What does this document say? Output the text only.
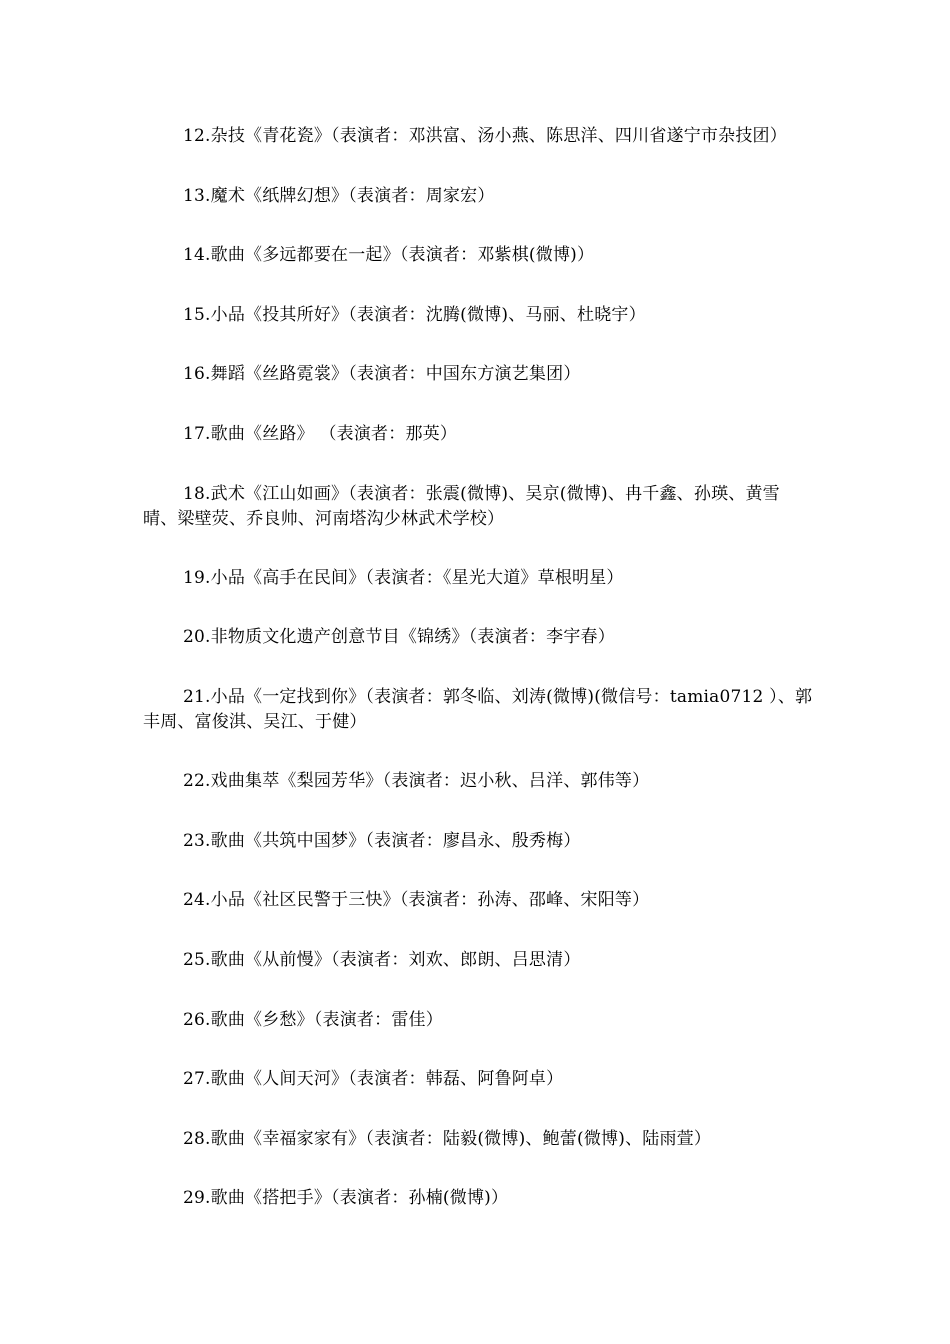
12.杂技《青花瓷》（表演者：邓洪富、汤小燕、陈思洋、四川省遂宁市杂技团）
13.魔术《纸牌幻想》（表演者：周家宏）
14.歌曲《多远都要在一起》（表演者：邓紫棋(微博)）
15.小品《投其所好》（表演者：沈腾(微博)、马丽、杜晓宇）
16.舞蹈《丝路霓裳》（表演者：中国东方演艺集团）
17.歌曲《丝路》 （表演者：那英）
18.武术《江山如画》（表演者：张震(微博)、吴京(微博)、冉千鑫、孙瑛、黄雪晴、梁壁荧、乔良帅、河南塔沟少林武术学校）
19.小品《高手在民间》（表演者：《星光大道》草根明星）
20.非物质文化遗产创意节目《锦绣》（表演者：李宇春）
21.小品《一定找到你》（表演者：郭冬临、刘涛(微博)(微信号：tamia0712 ）、郭丰周、富俊淇、吴江、于健）
22.戏曲集萃《梨园芳华》（表演者：迟小秋、吕洋、郭伟等）
23.歌曲《共筑中国梦》（表演者：廖昌永、殷秀梅）
24.小品《社区民警于三快》（表演者：孙涛、邵峰、宋阳等）
25.歌曲《从前慢》（表演者：刘欢、郎朗、吕思清）
26.歌曲《乡愁》（表演者：雷佳）
27.歌曲《人间天河》（表演者：韩磊、阿鲁阿卓）
28.歌曲《幸福家家有》（表演者：陆毅(微博)、鲍蕾(微博)、陆雨萱）
29.歌曲《搭把手》（表演者：孙楠(微博)）
